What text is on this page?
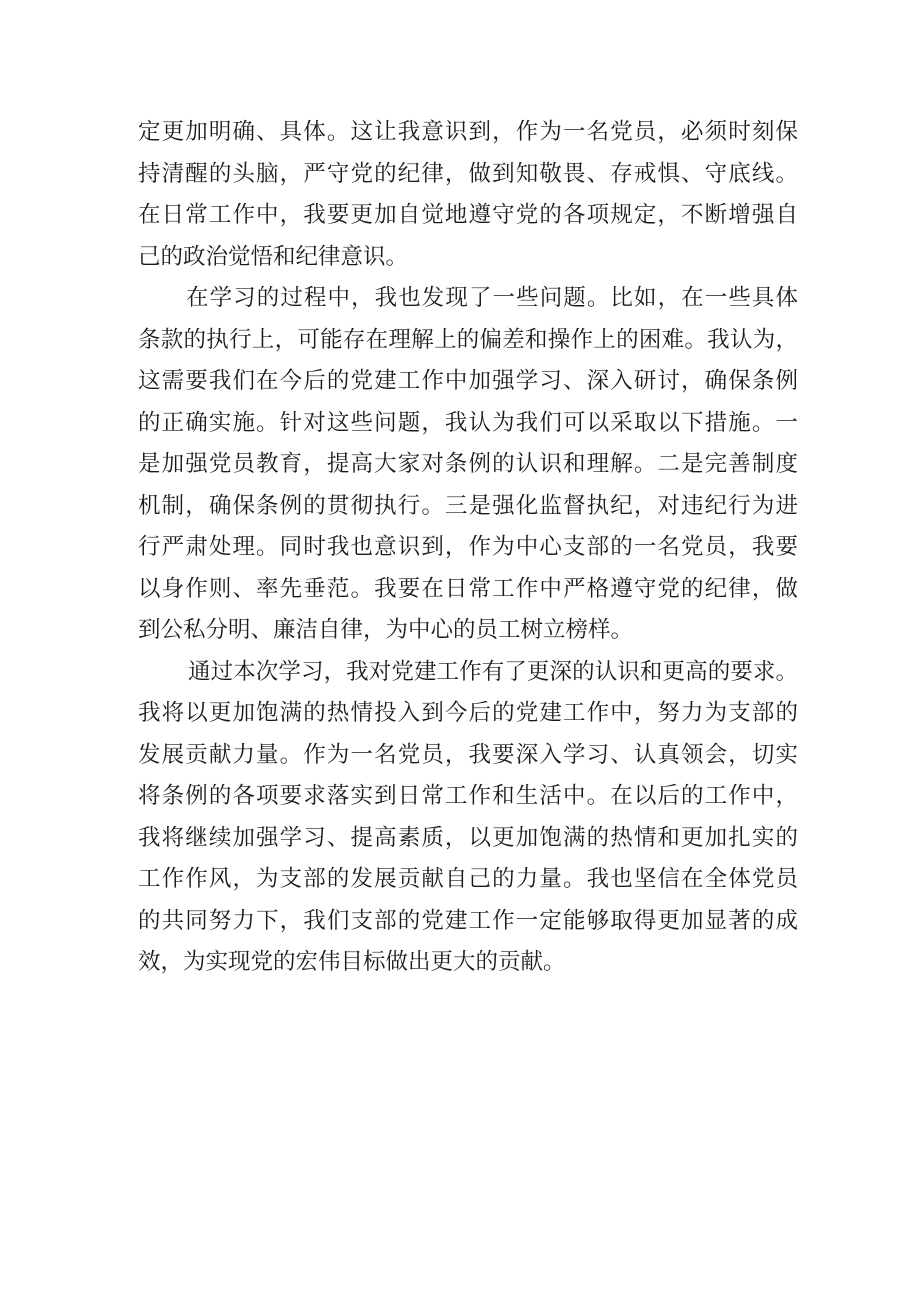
定更加明确、具体。这让我意识到，作为一名党员，必须时刻保
持清醒的头脑，严守党的纪律，做到知敬畏、存戒惧、守底线。
在日常工作中，我要更加自觉地遵守党的各项规定，不断增强自
己的政治觉悟和纪律意识。
在学习的过程中，我也发现了一些问题。比如，在一些具体
条款的执行上，可能存在理解上的偏差和操作上的困难。我认为，
这需要我们在今后的党建工作中加强学习、深入研讨，确保条例
的正确实施。针对这些问题，我认为我们可以采取以下措施。一
是加强党员教育，提高大家对条例的认识和理解。二是完善制度
机制，确保条例的贯彻执行。三是强化监督执纪，对违纪行为进
行严肃处理。同时我也意识到，作为中心支部的一名党员，我要
以身作则、率先垂范。我要在日常工作中严格遵守党的纪律，做
到公私分明、廉洁自律，为中心的员工树立榜样。
通过本次学习，我对党建工作有了更深的认识和更高的要求。
我将以更加饱满的热情投入到今后的党建工作中，努力为支部的
发展贡献力量。作为一名党员，我要深入学习、认真领会，切实
将条例的各项要求落实到日常工作和生活中。在以后的工作中，
我将继续加强学习、提高素质，以更加饱满的热情和更加扎实的
工作作风，为支部的发展贡献自己的力量。我也坚信在全体党员
的共同努力下，我们支部的党建工作一定能够取得更加显著的成
效，为实现党的宏伟目标做出更大的贡献。
